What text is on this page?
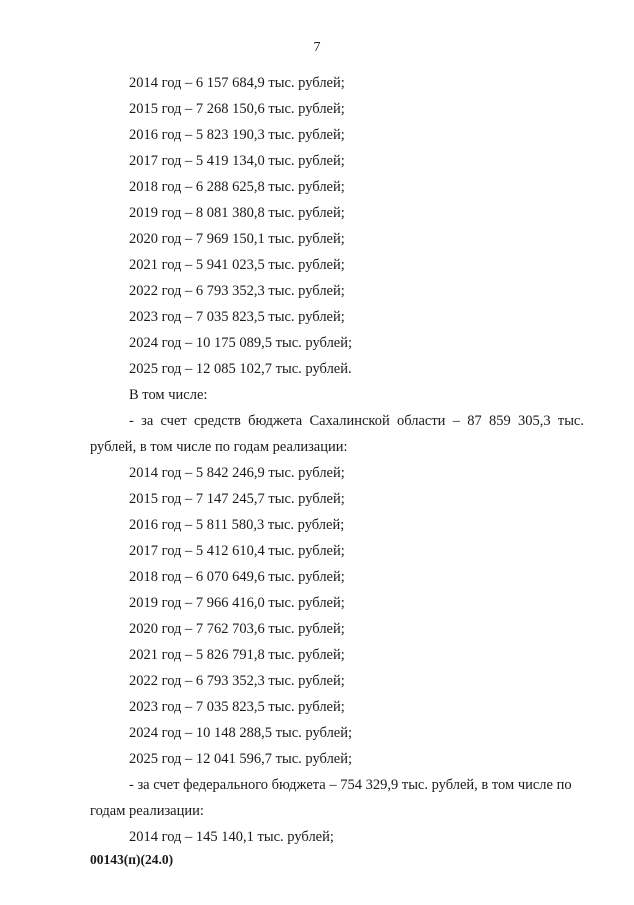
7
2014 год – 6 157 684,9 тыс. рублей;
2015 год – 7 268 150,6 тыс. рублей;
2016 год – 5 823 190,3 тыс. рублей;
2017 год – 5 419 134,0 тыс. рублей;
2018 год – 6 288 625,8 тыс. рублей;
2019 год – 8 081 380,8 тыс. рублей;
2020 год – 7 969 150,1 тыс. рублей;
2021 год – 5 941 023,5 тыс. рублей;
2022 год – 6 793 352,3 тыс. рублей;
2023 год – 7 035 823,5 тыс. рублей;
2024 год – 10 175 089,5 тыс. рублей;
2025 год – 12 085 102,7 тыс. рублей.
В том числе:
- за счет средств бюджета Сахалинской области – 87 859 305,3 тыс.
рублей, в том числе по годам реализации:
2014 год – 5 842 246,9 тыс. рублей;
2015 год – 7 147 245,7 тыс. рублей;
2016 год – 5 811 580,3 тыс. рублей;
2017 год – 5 412 610,4 тыс. рублей;
2018 год – 6 070 649,6 тыс. рублей;
2019 год – 7 966 416,0 тыс. рублей;
2020 год – 7 762 703,6 тыс. рублей;
2021 год – 5 826 791,8 тыс. рублей;
2022 год – 6 793 352,3 тыс. рублей;
2023 год – 7 035 823,5 тыс. рублей;
2024 год – 10 148 288,5 тыс. рублей;
2025 год – 12 041 596,7 тыс. рублей;
- за счет федерального бюджета – 754 329,9 тыс. рублей, в том числе по
годам реализации:
2014 год – 145 140,1 тыс. рублей;
00143(п)(24.0)
